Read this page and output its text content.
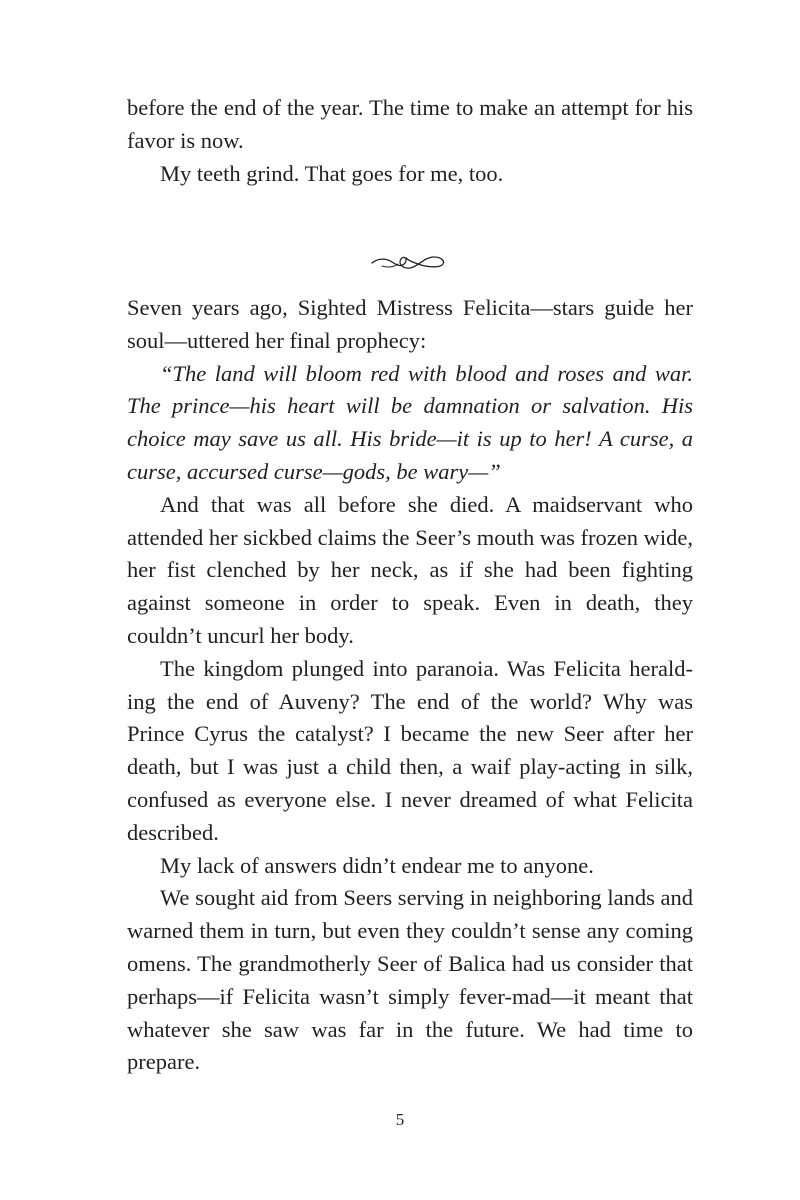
before the end of the year. The time to make an attempt for his favor is now.

My teeth grind. That goes for me, too.

Seven years ago, Sighted Mistress Felicita—stars guide her soul—uttered her final prophecy:

“The land will bloom red with blood and roses and war. The prince—his heart will be damnation or salvation. His choice may save us all. His bride—it is up to her! A curse, a curse, accursed curse—gods, be wary—”

And that was all before she died. A maidservant who attended her sickbed claims the Seer’s mouth was frozen wide, her fist clenched by her neck, as if she had been fighting against someone in order to speak. Even in death, they couldn’t uncurl her body.

The kingdom plunged into paranoia. Was Felicita heralding the end of Auveny? The end of the world? Why was Prince Cyrus the catalyst? I became the new Seer after her death, but I was just a child then, a waif play-acting in silk, confused as everyone else. I never dreamed of what Felicita described.

My lack of answers didn’t endear me to anyone.

We sought aid from Seers serving in neighboring lands and warned them in turn, but even they couldn’t sense any coming omens. The grandmotherly Seer of Balica had us consider that perhaps—if Felicita wasn’t simply fever-mad—it meant that whatever she saw was far in the future. We had time to prepare.

5
